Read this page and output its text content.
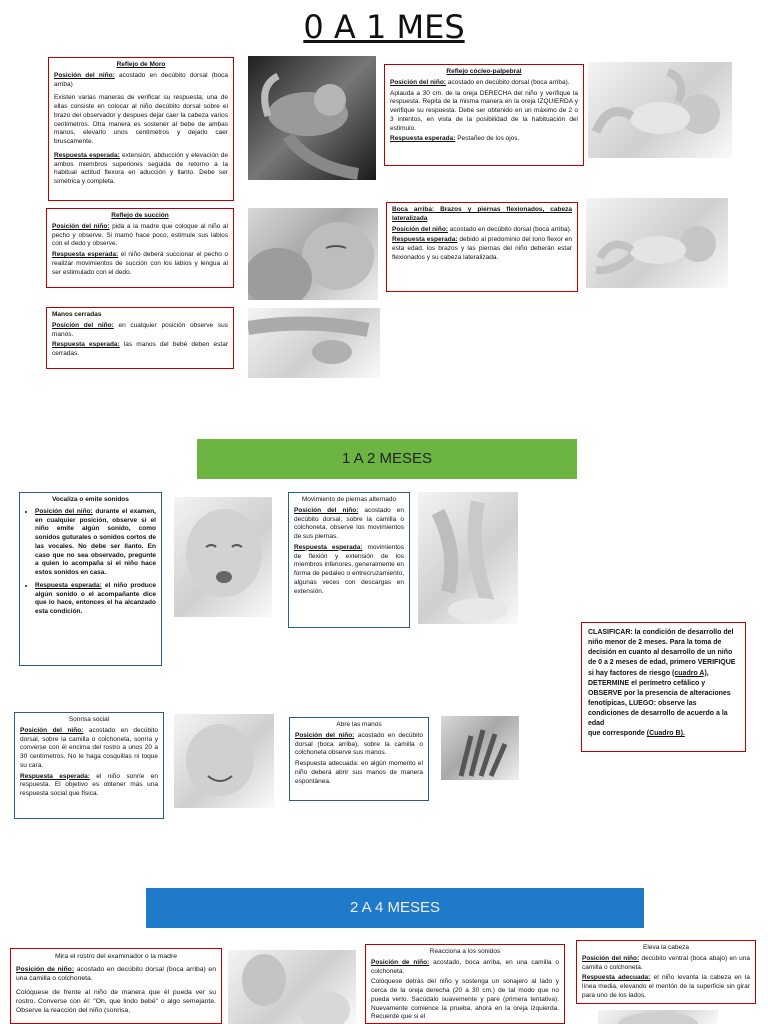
0 A 1 MES
Reflejo de Moro

Posición del niño: acostado en decúbito dorsal (boca arriba)

Existen varias maneras de verificar su respuesta; una de ellas consiste en colocar al niño decúbito dorsal sobre el brazo del observador y despues dejar caer la cabeza varios centimetros. Otra manera es sostener al bebe de ambas manos, elevarlo unos centimetros y dejarlo caer bruscamente.

Respuesta esperada: extensión, abducción y elevación de ambos miembros superiores seguida de retorno a la habitual actitud flexora en aducción y llanto. Debe ser simétrica y completa.

Reflejo cócleo-palpebral

Posición del niño: acostado en decúbito dorsal (boca arriba).

Aplauda a 30 cm. de la oreja DERECHA del niño y verifique la respuesta. Repita de la misma manera en la oreja IZQUIERDA y verifique su respuesta. Debe ser obtenido en un máximo de 2 o 3 intentos, en vista de la posibilidad de la habituación del estimulo.

Respuesta esperada: Pestañeo de los ojos.

Reflejo de succión

Posición del niño: pida a la madre que coloque al niño al pecho y observe. Si mamó hace poco, estimule sus labios con el dedo y observe.

Respuesta esperada: el niño deberá succionar el pecho o realizar movimientos de succión con los labios y lengua al ser estimulado con el dedo.

Boca arriba: Brazos y piernas flexionados, cabeza lateralizada

Posición del niño: acostado en decúbito dorsal (boca arriba).

Respuesta esperada: debido al predominio del tono flexor en esta edad, los brazos y las piernas del niño deberán estar flexionados y su cabeza lateralizada.

Manos cerradas

Posición del niño: en cualquier posición observe sus manos.

Respuesta esperada: las manos del bebé deben estar cerradas.

1 A 2 MESES
Vocaliza o emite sonidos
• Posición del niño: durante el examen, en cualquier posición, observe si el niño emite algún sonido, como sonidos guturales o sonidos cortos de las vocales. No debe ser llanto. En caso que no sea observado, pregunte a quien lo acompaña si el niño hace estos sonidos en casa.
• Respuesta esperada: el niño produce algún sonido o el acompañante dice que lo hace, entonces el ha alcanzado esta condición.
Movimiento de piernas alternado

Posición del niño: acostado en decúbito dorsal, sobre la camilla o colchoneta, observe los movimientos de sus piernas.

Respuesta esperada: movimientos de flexión y extensión de los miembros inferiores, generalmente en forma de pedaleo o entrecruzamiento, algunas veces con descargas en extensión.

CLASIFICAR: la condición de desarrollo del niño menor de 2 meses. Para la toma de decisión en cuanto al desarrollo de un niño de 0 a 2 meses de edad, primero VERIFIQUE si hay factores de riesgo (cuadro A), DETERMINE el perímetro cefálico y OBSERVE por la presencia de alteraciones fenotípicas, LUEGO: observe las condiciones de desarrollo de acuerdo a la edad
que corresponde (Cuadro B).
Sonrisa social

Posición del niño: acostado en decúbito dorsal, sobre la camilla o colchoneta, sonría y converse con él encima del rostro a unos 20 a 30 centímetros. No le haga cosquillas ni toque su cara.

Respuesta esperada: el niño sonríe en respuesta. El objetivo es obtener más una respuesta social que física.

Abre las manos

Posición del niño: acostado en decúbito dorsal (boca arriba), sobre la camilla o colchoneta observe sus manos.

Respuesta adecuada: en algún momento el niño deberá abrir sus manos de manera espontánea.

2 A 4 MESES
Mira el rostro del examinador o la madre

Posición de niño: acostado en decúbito dorsal (boca arriba) en una camilla o colchoneta.

Colóquese de frente al niño de manera que él pueda ver su rostro. Converse con él: "Oh, que lindo bebé" o algo semejante. Observe la reacción del niño (sonrisa,

Reacciona a los sonidos

Posición de niño: acostado, boca arriba, en una camilla o colchoneta.

Colóquese detrás del niño y sostenga un sonajero al lado y cerca de la oreja derecha (20 a 30 cm.) de tal modo que no pueda verlo. Sacúdalo suavemente y pare (primera tentativa). Nuevamente comience la prueba, ahora en la oreja izquierda. Recuerde que si el

Eleva la cabeza

Posición del niño: decúbito ventral (boca abajo) en una camilla o colchoneta.

Respuesta adecuada: el niño levanta la cabeza en la línea media, elevando el mentón de la superficie sin girar para uno de los lados.
